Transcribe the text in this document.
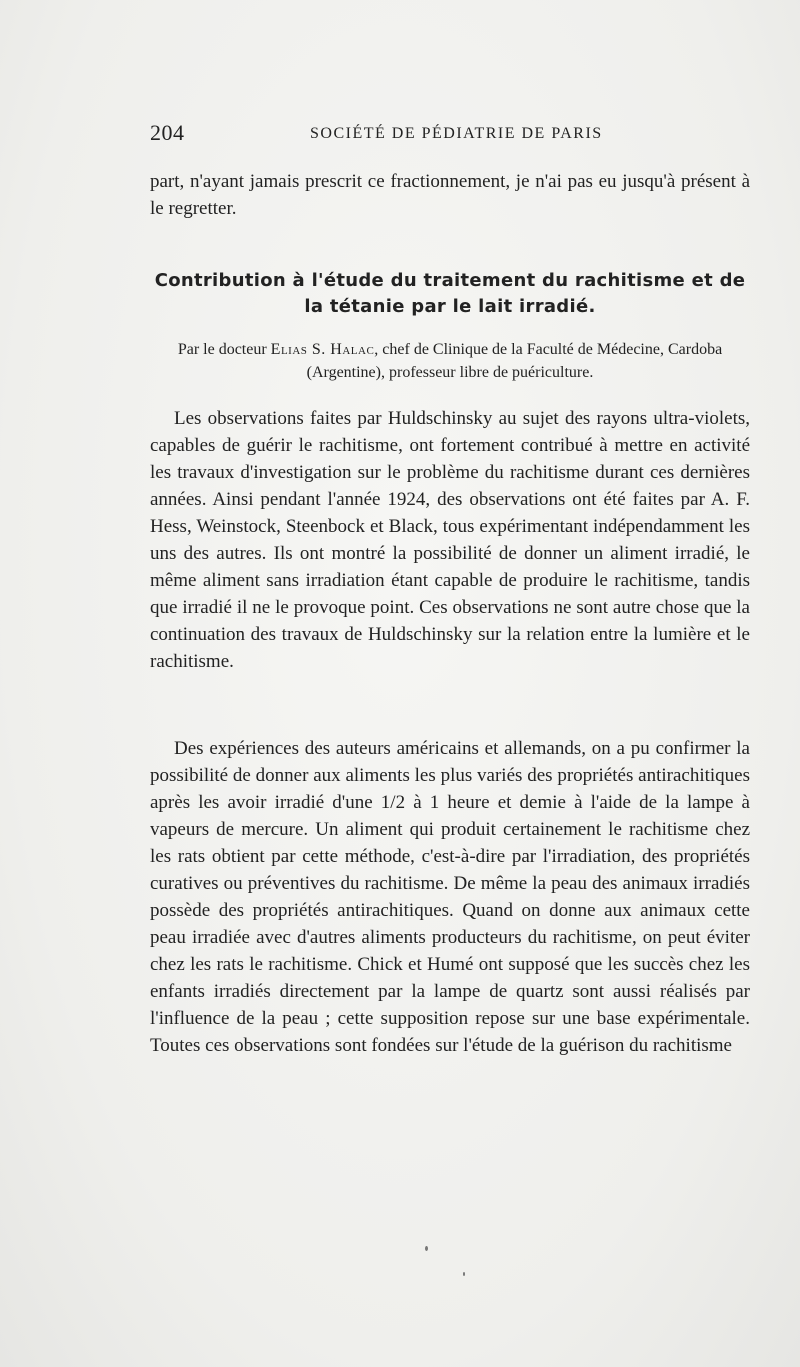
204	SOCIÉTÉ DE PÉDIATRIE DE PARIS
part, n'ayant jamais prescrit ce fractionnement, je n'ai pas eu jusqu'à présent à le regretter.
Contribution à l'étude du traitement du rachitisme et de la tétanie par le lait irradié.
Par le docteur Elias S. Halac, chef de Clinique de la Faculté de Médecine, Cardoba (Argentine), professeur libre de puériculture.
Les observations faites par Huldschinsky au sujet des rayons ultra-violets, capables de guérir le rachitisme, ont fortement contribué à mettre en activité les travaux d'investigation sur le problème du rachitisme durant ces dernières années. Ainsi pendant l'année 1924, des observations ont été faites par A. F. Hess, Weinstock, Steenbock et Black, tous expérimentant indépendamment les uns des autres. Ils ont montré la possibilité de donner un aliment irradié, le même aliment sans irradiation étant capable de produire le rachitisme, tandis que irradié il ne le provoque point. Ces observations ne sont autre chose que la continuation des travaux de Huldschinsky sur la relation entre la lumière et le rachitisme.
Des expériences des auteurs américains et allemands, on a pu confirmer la possibilité de donner aux aliments les plus variés des propriétés antirachitiques après les avoir irradié d'une 1/2 à 1 heure et demie à l'aide de la lampe à vapeurs de mercure. Un aliment qui produit certainement le rachitisme chez les rats obtient par cette méthode, c'est-à-dire par l'irradiation, des propriétés curatives ou préventives du rachitisme. De même la peau des animaux irradiés possède des propriétés antirachitiques. Quand on donne aux animaux cette peau irradiée avec d'autres aliments producteurs du rachitisme, on peut éviter chez les rats le rachitisme. Chick et Humé ont supposé que les succès chez les enfants irradiés directement par la lampe de quartz sont aussi réalisés par l'influence de la peau ; cette supposition repose sur une base expérimentale. Toutes ces observations sont fondées sur l'étude de la guérison du rachitisme
